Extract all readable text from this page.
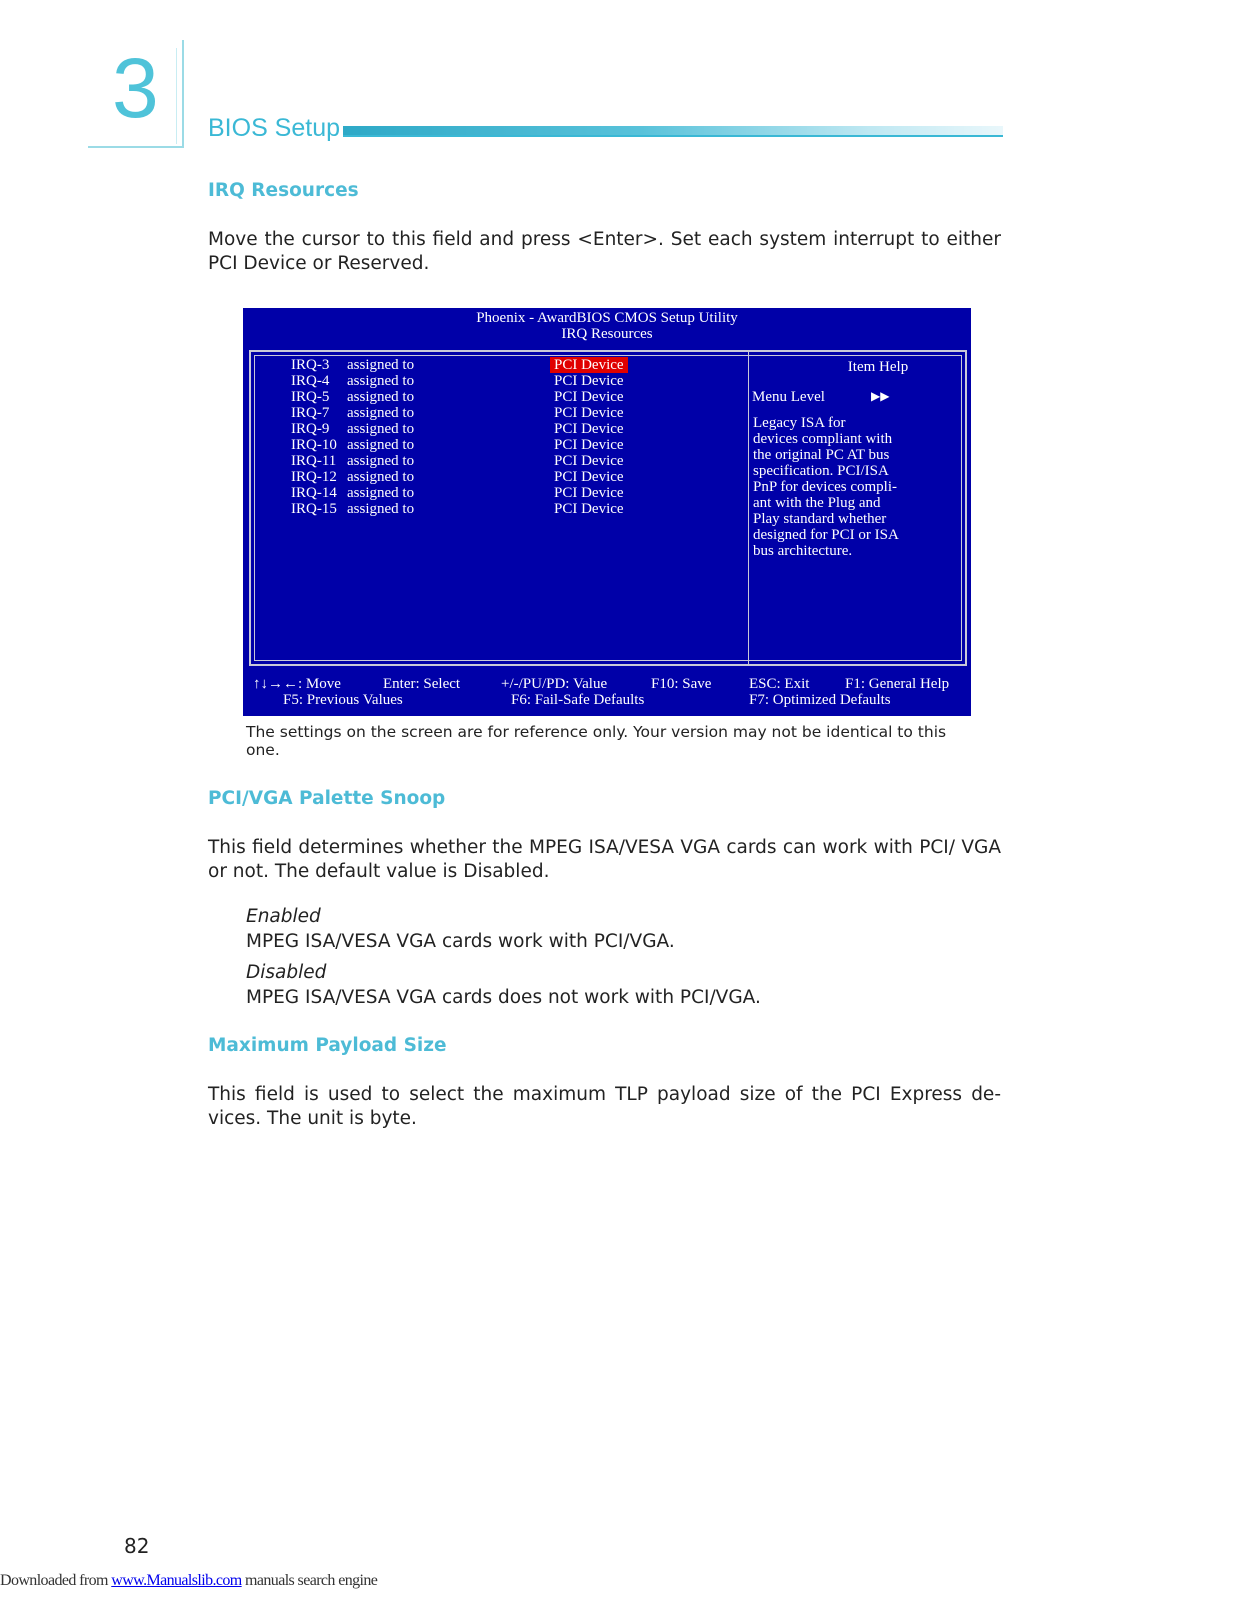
3 BIOS Setup
IRQ Resources
Move the cursor to this field and press <Enter>. Set each system interrupt to either PCI Device or Reserved.
Phoenix - AwardBIOS CMOS Setup Utility
IRQ Resources
IRQ-3 assigned to	PCI Device
IRQ-4 assigned to	PCI Device
IRQ-5 assigned to	PCI Device
IRQ-7 assigned to	PCI Device
IRQ-9 assigned to	PCI Device
IRQ-10 assigned to	PCI Device
IRQ-11 assigned to	PCI Device
IRQ-12 assigned to	PCI Device
IRQ-14 assigned to	PCI Device
IRQ-15 assigned to	PCI Device
Item Help
Menu Level	▶▶
Legacy ISA for
devices compliant with
the original PC AT bus
specification. PCI/ISA
PnP for devices compli-
ant with the Plug and
Play standard whether
designed for PCI or ISA
bus architecture.
↑↓→←: Move	Enter: Select	+/-/PU/PD: Value	F10: Save	ESC: Exit F1: General Help
F5: Previous Values	F6: Fail-Safe Defaults	F7: Optimized Defaults
The settings on the screen are for reference only. Your version may not be identical to this one.
PCI/VGA Palette Snoop
This field determines whether the MPEG ISA/VESA VGA cards can work with PCI/ VGA or not. The default value is Disabled.
Enabled
MPEG ISA/VESA VGA cards work with PCI/VGA.
Disabled
MPEG ISA/VESA VGA cards does not work with PCI/VGA.
Maximum Payload Size
This field is used to select the maximum TLP payload size of the PCI Express de- vices. The unit is byte.
82
Downloaded from www.Manualslib.com manuals search engine
